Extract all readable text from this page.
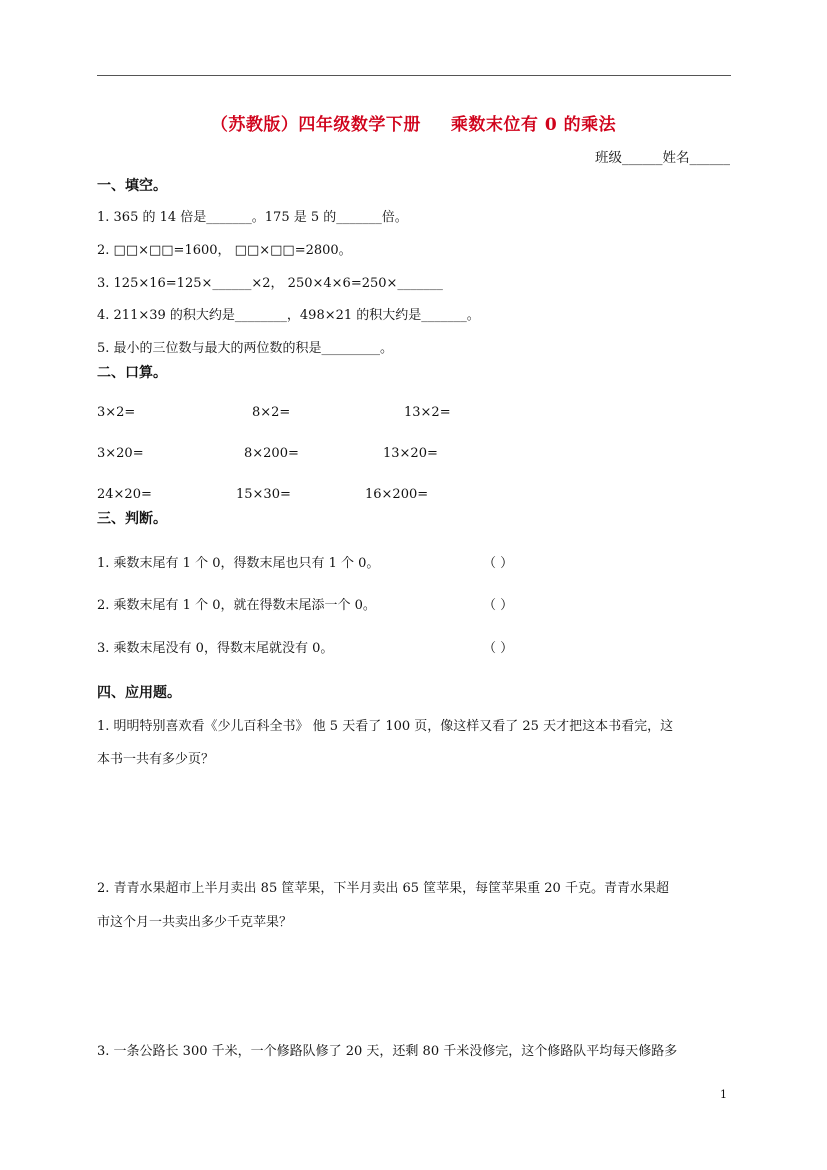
（苏教版）四年级数学下册 乘数末位有 0 的乘法
班级______姓名______
一、填空。
1. 365 的 14 倍是_______。175 是 5 的_______倍。
2. □□×□□=1600， □□×□□=2800。
3. 125×16=125×______×2， 250×4×6=250×_______
4. 211×39 的积大约是________，498×21 的积大约是_______。
5. 最小的三位数与最大的两位数的积是_________。
二、口算。
3×2=	8×2=	13×2=
3×20=	8×200=	13×20=
24×20=	15×30=	16×200=
三、判断。
1. 乘数末尾有 1 个 0，得数末尾也只有 1 个 0。	（ ）
2. 乘数末尾有 1 个 0，就在得数末尾添一个 0。	（ ）
3. 乘数末尾没有 0，得数末尾就没有 0。	（ ）
四、应用题。
1. 明明特别喜欢看《少儿百科全书》 他 5 天看了 100 页，像这样又看了 25 天才把这本书看完，这
本书一共有多少页？
2. 青青水果超市上半月卖出 85 筐苹果，下半月卖出 65 筐苹果，每筐苹果重 20 千克。青青水果超
市这个月一共卖出多少千克苹果？
3. 一条公路长 300 千米，一个修路队修了 20 天，还剩 80 千米没修完，这个修路队平均每天修路多
1
